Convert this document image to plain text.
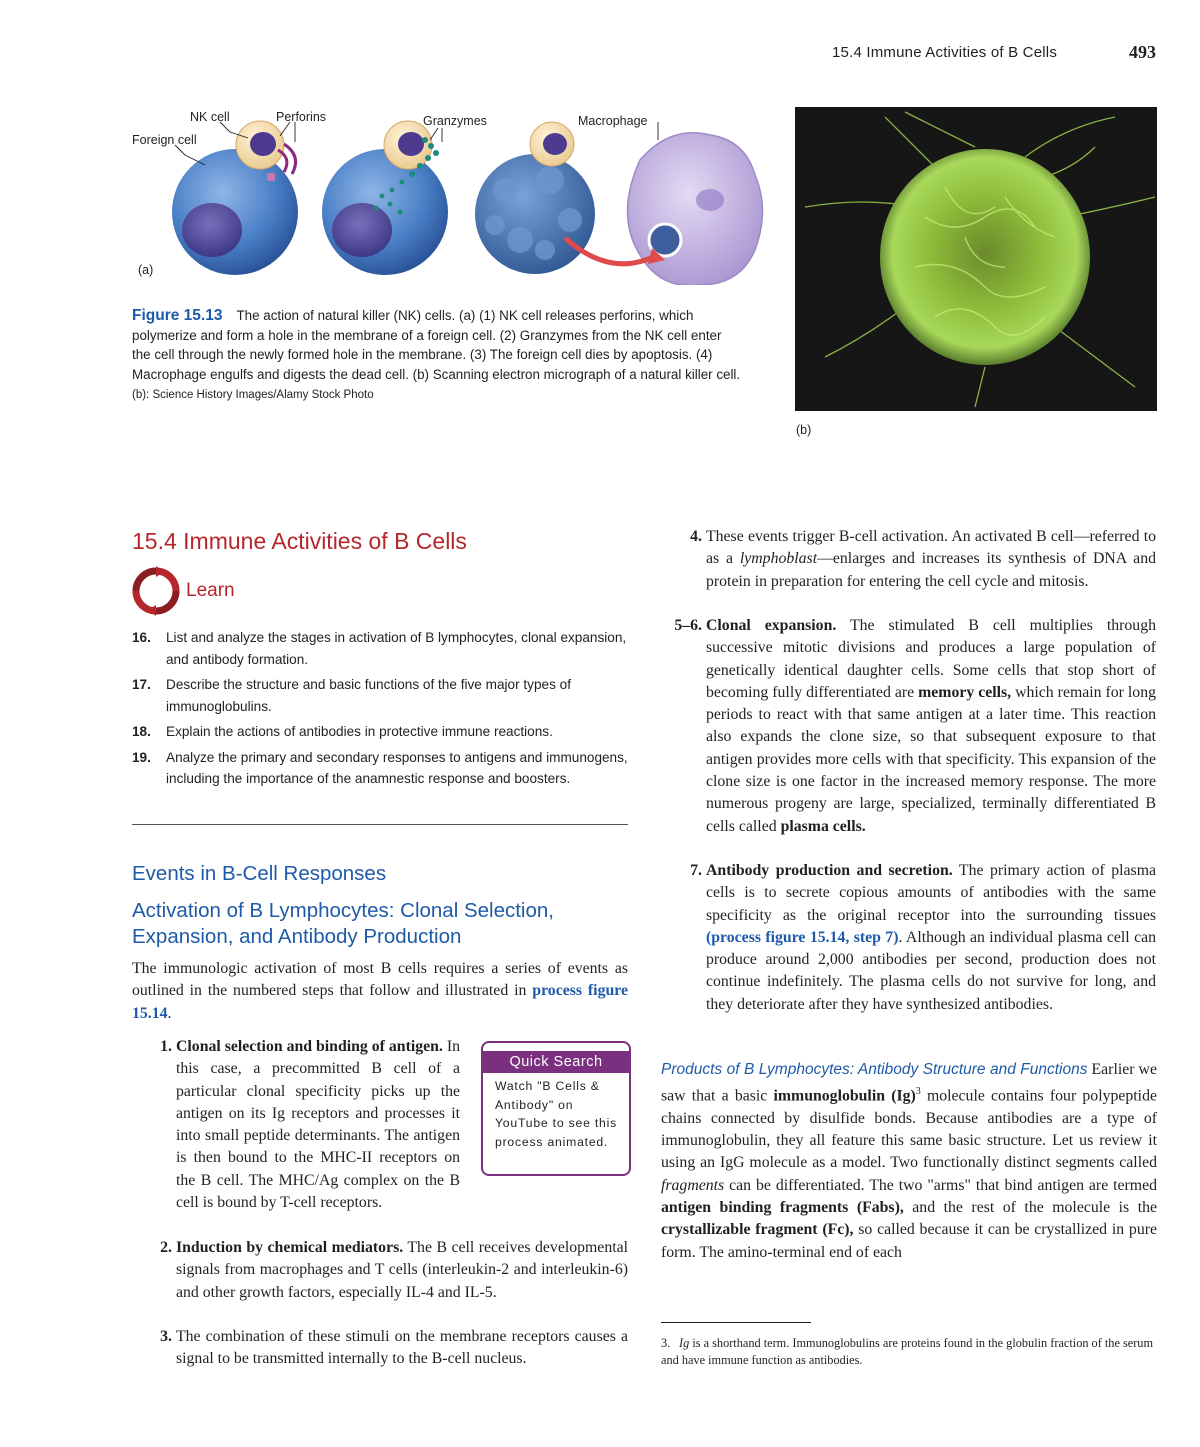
15.4 Immune Activities of B Cells	493
NK cell	Perforins
Foreign cell
Granzymes	Macrophage
(a)
(b)
Figure 15.13 The action of natural killer (NK) cells. (a) (1) NK cell releases perforins, which polymerize and form a hole in the membrane of a foreign cell. (2) Granzymes from the NK cell enter the cell through the newly formed hole in the membrane. (3) The foreign cell dies by apoptosis. (4) Macrophage engulfs and digests the dead cell. (b) Scanning electron micrograph of a natural killer cell.
(b): Science History Images/Alamy Stock Photo
15.4 Immune Activities of B Cells
Learn
16.	List and analyze the stages in activation of B lymphocytes, clonal expansion, and antibody formation.
17.	Describe the structure and basic functions of the five major types of immunoglobulins.
18.	Explain the actions of antibodies in protective immune reactions.
19.	Analyze the primary and secondary responses to antigens and immunogens, including the importance of the anamnestic response and boosters.
Events in B-Cell Responses
Activation of B Lymphocytes: Clonal Selection, Expansion, and Antibody Production
The immunologic activation of most B cells requires a series of events as outlined in the numbered steps that follow and illustrated in process figure 15.14.
Quick Search
Watch "B Cells & Antibody" on YouTube to see this process animated.
1. Clonal selection and binding of antigen. In this case, a precommitted B cell of a particular clonal specificity picks up the antigen on its Ig receptors and processes it into small peptide determinants. The antigen is then bound to the MHC-II receptors on the B cell. The MHC/Ag complex on the B cell is bound by T-cell receptors.
2. Induction by chemical mediators. The B cell receives developmental signals from macrophages and T cells (interleukin-2 and interleukin-6) and other growth factors, especially IL-4 and IL-5.
3. The combination of these stimuli on the membrane receptors causes a signal to be transmitted internally to the B-cell nucleus.
4. These events trigger B-cell activation. An activated B cell—referred to as a lymphoblast—enlarges and increases its synthesis of DNA and protein in preparation for entering the cell cycle and mitosis.
5–6. Clonal expansion. The stimulated B cell multiplies through successive mitotic divisions and produces a large population of genetically identical daughter cells. Some cells that stop short of becoming fully differentiated are memory cells, which remain for long periods to react with that same antigen at a later time. This reaction also expands the clone size, so that subsequent exposure to that antigen provides more cells with that specificity. This expansion of the clone size is one factor in the increased memory response. The more numerous progeny are large, specialized, terminally differentiated B cells called plasma cells.
7. Antibody production and secretion. The primary action of plasma cells is to secrete copious amounts of antibodies with the same specificity as the original receptor into the surrounding tissues (process figure 15.14, step 7). Although an individual plasma cell can produce around 2,000 antibodies per second, production does not continue indefinitely. The plasma cells do not survive for long, and they deteriorate after they have synthesized antibodies.
Products of B Lymphocytes: Antibody Structure and Functions Earlier we saw that a basic immunoglobulin $(Ig)^3$ molecule contains four polypeptide chains connected by disulfide bonds. Because antibodies are a type of immunoglobulin, they all feature this same basic structure. Let us review it using an IgG molecule as a model. Two functionally distinct segments called fragments can be differentiated. The two "arms" that bind antigen are termed antigen binding fragments (Fabs), and the rest of the molecule is the crystallizable fragment (Fc), so called because it can be crystallized in pure form. The amino-terminal end of each
3. Ig is a shorthand term. Immunoglobulins are proteins found in the globulin fraction of the serum and have immune function as antibodies.
